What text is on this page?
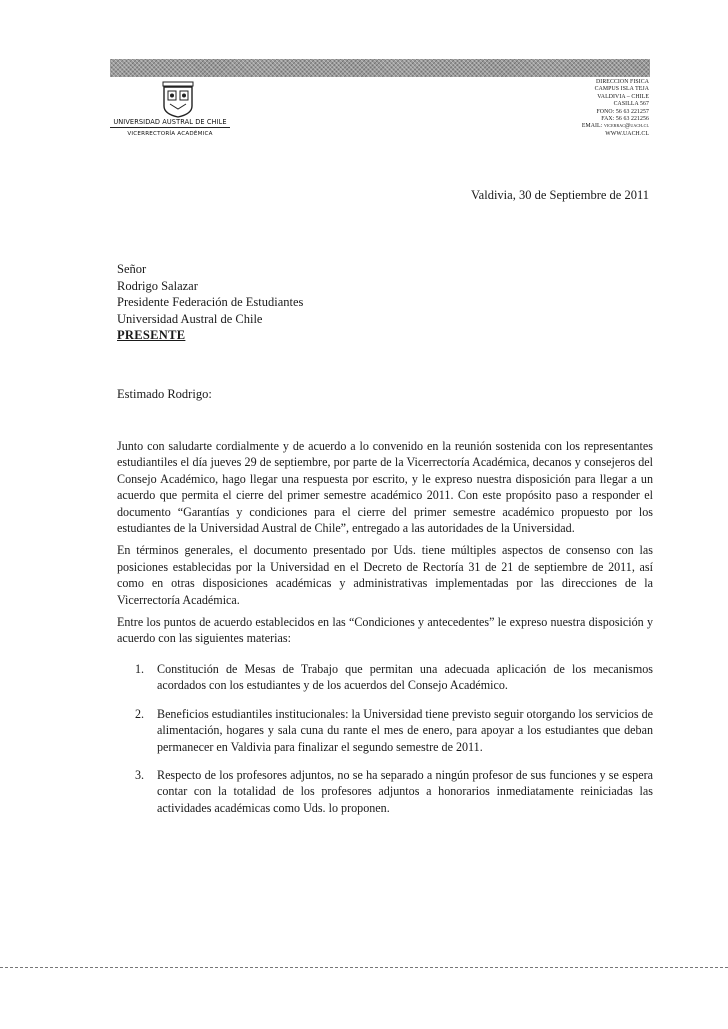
UNIVERSIDAD AUSTRAL DE CHILE
VICERRECTORÍA ACADÉMICA
DIRECCION FISICA
CAMPUS ISLA TEJA
VALDIVIA – CHILE
CASILLA 567
FONO: 56 63 221257
FAX: 56 63 221256
EMAIL: vicerrac@uach.cl
WWW.UACH.CL
Valdivia, 30 de Septiembre de 2011
Señor
Rodrigo Salazar
Presidente Federación de Estudiantes
Universidad Austral de Chile
PRESENTE
Estimado Rodrigo:

Junto con saludarte cordialmente y de acuerdo a lo convenido en la reunión sostenida con los representantes estudiantiles el día jueves 29 de septiembre, por parte de la Vicerrectoría Académica, decanos y consejeros del Consejo Académico, hago llegar una respuesta por escrito, y le expreso nuestra disposición para llegar a un acuerdo que permita el cierre del primer semestre académico 2011. Con este propósito paso a responder el documento “Garantías y condiciones para el cierre del primer semestre académico propuesto por los estudiantes de la Universidad Austral de Chile”, entregado a las autoridades de la Universidad.

En términos generales, el documento presentado por Uds. tiene múltiples aspectos de consenso con las posiciones establecidas por la Universidad en el Decreto de Rectoría 31 de 21 de septiembre de 2011, así como en otras disposiciones académicas y administrativas implementadas por las direcciones de la Vicerrectoría Académica.

Entre los puntos de acuerdo establecidos en las “Condiciones y antecedentes” le expreso nuestra disposición y acuerdo con las siguientes materias:

1. Constitución de Mesas de Trabajo que permitan una adecuada aplicación de los mecanismos acordados con los estudiantes y de los acuerdos del Consejo Académico.
2. Beneficios estudiantiles institucionales: la Universidad tiene previsto seguir otorgando los servicios de alimentación, hogares y sala cuna du rante el mes de enero, para apoyar a los estudiantes que deban permanecer en Valdivia para finalizar el segundo semestre de 2011.
3. Respecto de los profesores adjuntos, no se ha separado a ningún profesor de sus funciones y se espera contar con la totalidad de los profesores adjuntos a honorarios inmediatamente reiniciadas las actividades académicas como Uds. lo proponen.
